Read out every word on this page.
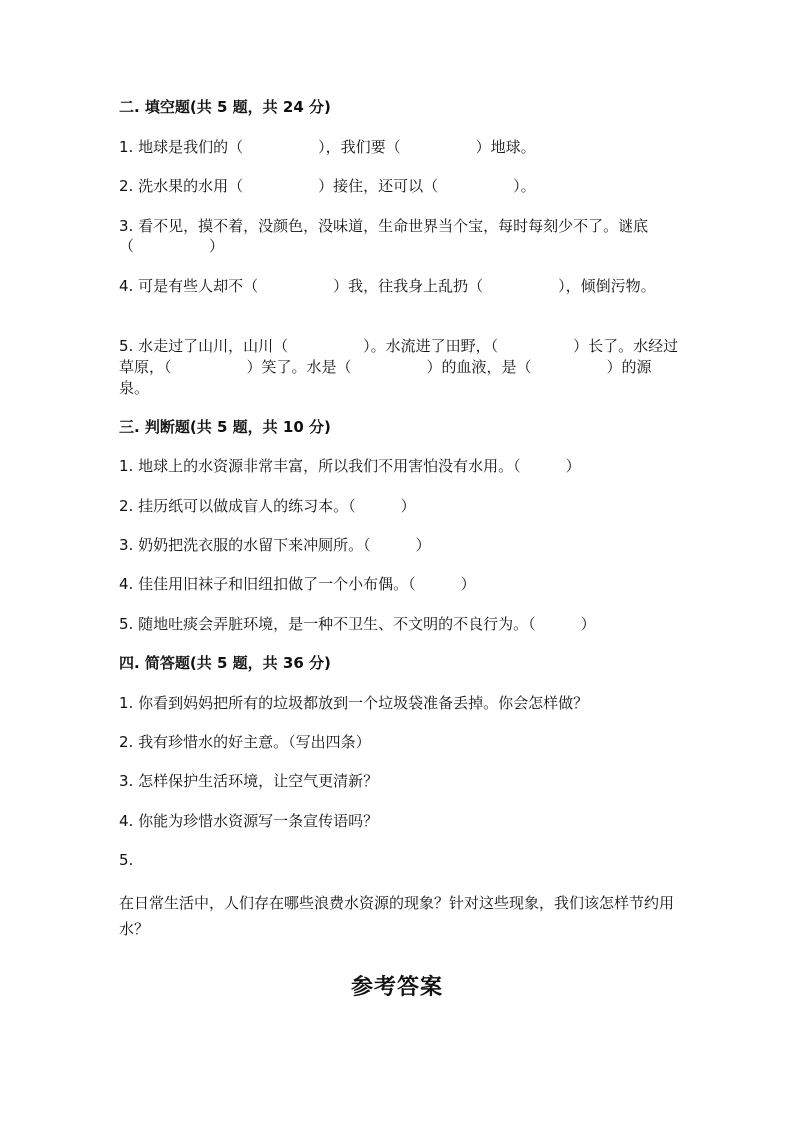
二. 填空题(共 5 题，共 24 分)
1. 地球是我们的（　　　　　），我们要（　　　　　）地球。
2. 洗水果的水用（　　　　　）接住，还可以（　　　　　）。
3. 看不见，摸不着，没颜色，没味道，生命世界当个宝，每时每刻少不了。谜底（　　　　　）
4. 可是有些人却不（　　　　　）我，往我身上乱扔（　　　　　），倾倒污物。
5. 水走过了山川，山川（　　　　　）。水流进了田野，（　　　　　）长了。水经过草原，（　　　　　）笑了。水是（　　　　　）的血液，是（　　　　　）的源泉。
三. 判断题(共 5 题，共 10 分)
1. 地球上的水资源非常丰富，所以我们不用害怕没有水用。（　　　）
2. 挂历纸可以做成盲人的练习本。（　　　）
3. 奶奶把洗衣服的水留下来冲厕所。（　　　）
4. 佳佳用旧袜子和旧纽扣做了一个小布偶。（　　　）
5. 随地吐痰会弄脏环境，是一种不卫生、不文明的不良行为。（　　　）
四. 简答题(共 5 题，共 36 分)
1. 你看到妈妈把所有的垃圾都放到一个垃圾袋准备丢掉。你会怎样做？
2. 我有珍惜水的好主意。（写出四条）
3. 怎样保护生活环境，让空气更清新？
4. 你能为珍惜水资源写一条宣传语吗？
5.
在日常生活中，人们存在哪些浪费水资源的现象？针对这些现象，我们该怎样节约用水？
参考答案
